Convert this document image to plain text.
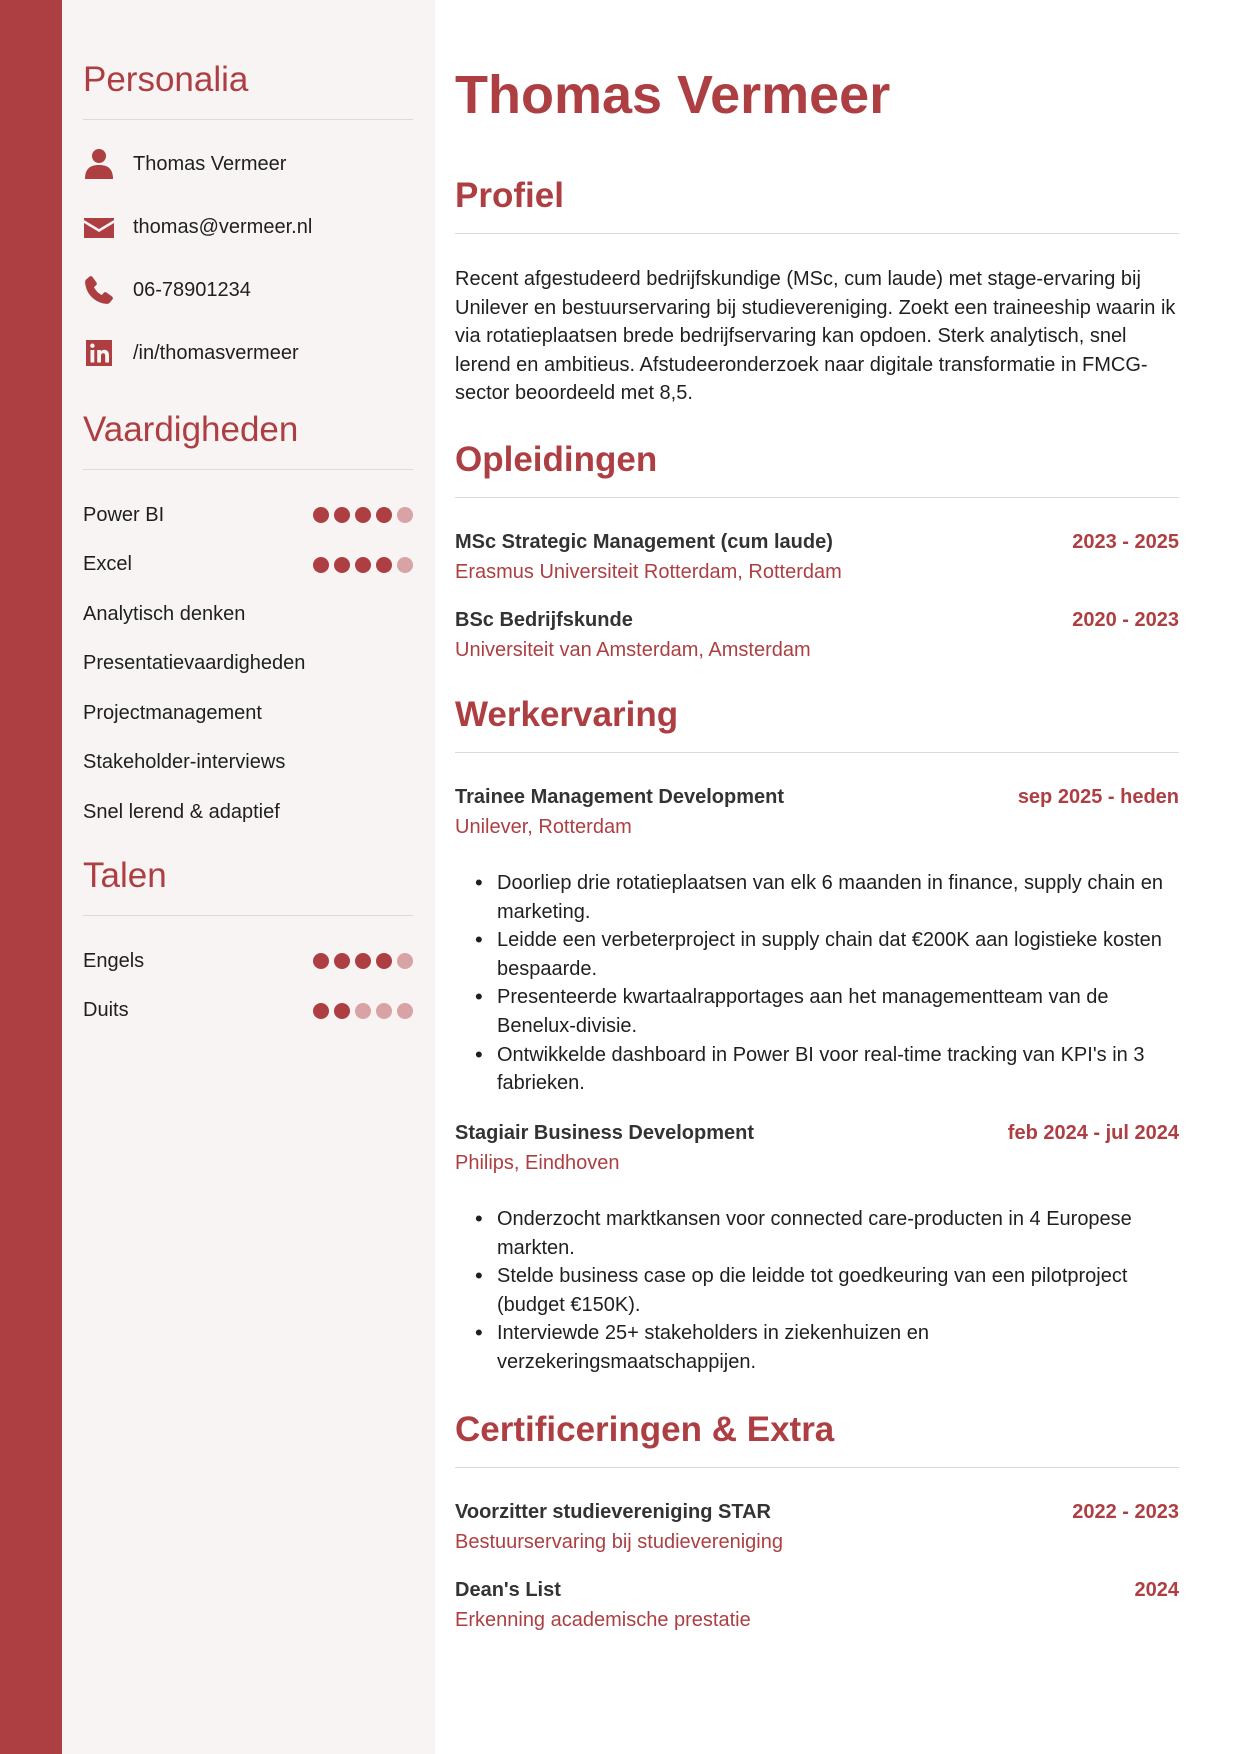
Personalia
Thomas Vermeer
thomas@vermeer.nl
06-78901234
/in/thomasvermeer
Vaardigheden
Power BI
Excel
Analytisch denken
Presentatievaardigheden
Projectmanagement
Stakeholder-interviews
Snel lerend & adaptief
Talen
Engels
Duits
Thomas Vermeer
Profiel

Recent afgestudeerd bedrijfskundige (MSc, cum laude) met stage-ervaring bij Unilever en bestuurservaring bij studievereniging. Zoekt een traineeship waarin ik via rotatieplaatsen brede bedrijfservaring kan opdoen. Sterk analytisch, snel lerend en ambitieus. Afstudeeronderzoek naar digitale transformatie in FMCG-sector beoordeeld met 8,5.

Opleidingen
MSc Strategic Management (cum laude)	2023 - 2025
Erasmus Universiteit Rotterdam, Rotterdam
BSc Bedrijfskunde	2020 - 2023
Universiteit van Amsterdam, Amsterdam
Werkervaring
Trainee Management Development	sep 2025 - heden
Unilever, Rotterdam
• Doorliep drie rotatieplaatsen van elk 6 maanden in finance, supply chain en marketing.
• Leidde een verbeterproject in supply chain dat €200K aan logistieke kosten bespaarde.
• Presenteerde kwartaalrapportages aan het managementteam van de Benelux-divisie.
• Ontwikkelde dashboard in Power BI voor real-time tracking van KPI's in 3 fabrieken.
Stagiair Business Development	feb 2024 - jul 2024
Philips, Eindhoven
• Onderzocht marktkansen voor connected care-producten in 4 Europese markten.
• Stelde business case op die leidde tot goedkeuring van een pilotproject (budget €150K).
• Interviewde 25+ stakeholders in ziekenhuizen en verzekeringsmaatschappijen.
Certificeringen & Extra
Voorzitter studievereniging STAR	2022 - 2023
Bestuurservaring bij studievereniging
Dean's List	2024
Erkenning academische prestatie
